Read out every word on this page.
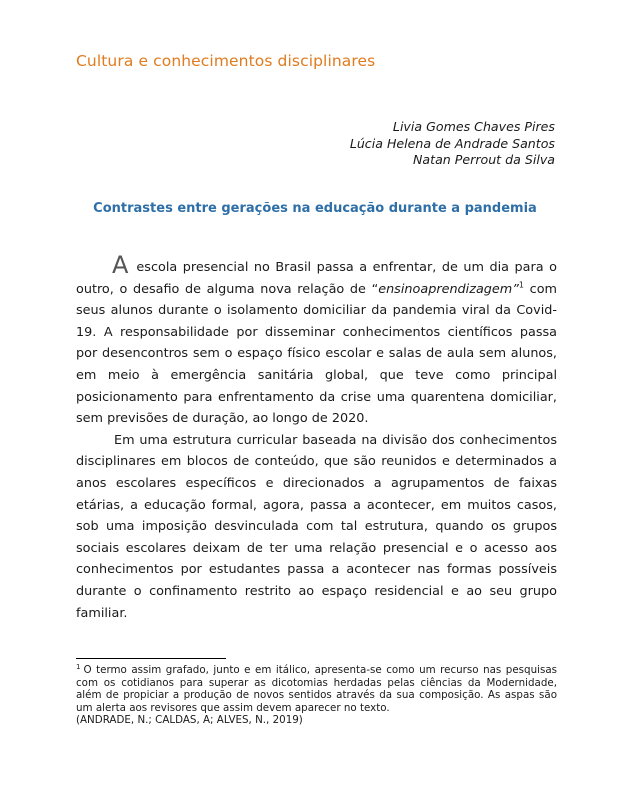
Cultura e conhecimentos disciplinares
Livia Gomes Chaves Pires
Lúcia Helena de Andrade Santos
Natan Perrout da Silva
Contrastes entre gerações na educação durante a pandemia

Aescola presencial no Brasil passa a enfrentar, de um dia para o outro, o desafio de alguma nova relação de “ensinoaprendizagem”$^1$ com seus alunos durante o isolamento domiciliar da pandemia viral da Covid-19. A responsabilidade por disseminar conhecimentos científicos passa por desencontros sem o espaço físico escolar e salas de aula sem alunos, em meio à emergência sanitária global, que teve como principal posicionamento para enfrentamento da crise uma quarentena domiciliar, sem previsões de duração, ao longo de 2020.

Em uma estrutura curricular baseada na divisão dos conhecimentos disciplinares em blocos de conteúdo, que são reunidos e determinados a anos escolares específicos e direcionados a agrupamentos de faixas etárias, a educação formal, agora, passa a acontecer, em muitos casos, sob uma imposição desvinculada com tal estrutura, quando os grupos sociais escolares deixam de ter uma relação presencial e o acesso aos conhecimentos por estudantes passa a acontecer nas formas possíveis durante o confinamento restrito ao espaço residencial e ao seu grupo familiar.

$^1$ O termo assim grafado, junto e em itálico, apresenta-se como um recurso nas pesquisas com os cotidianos para superar as dicotomias herdadas pelas ciências da Modernidade, além de propiciar a produção de novos sentidos através da sua composição. As aspas são um alerta aos revisores que assim devem aparecer no texto.
(ANDRADE, N.; CALDAS, A; ALVES, N., 2019)
